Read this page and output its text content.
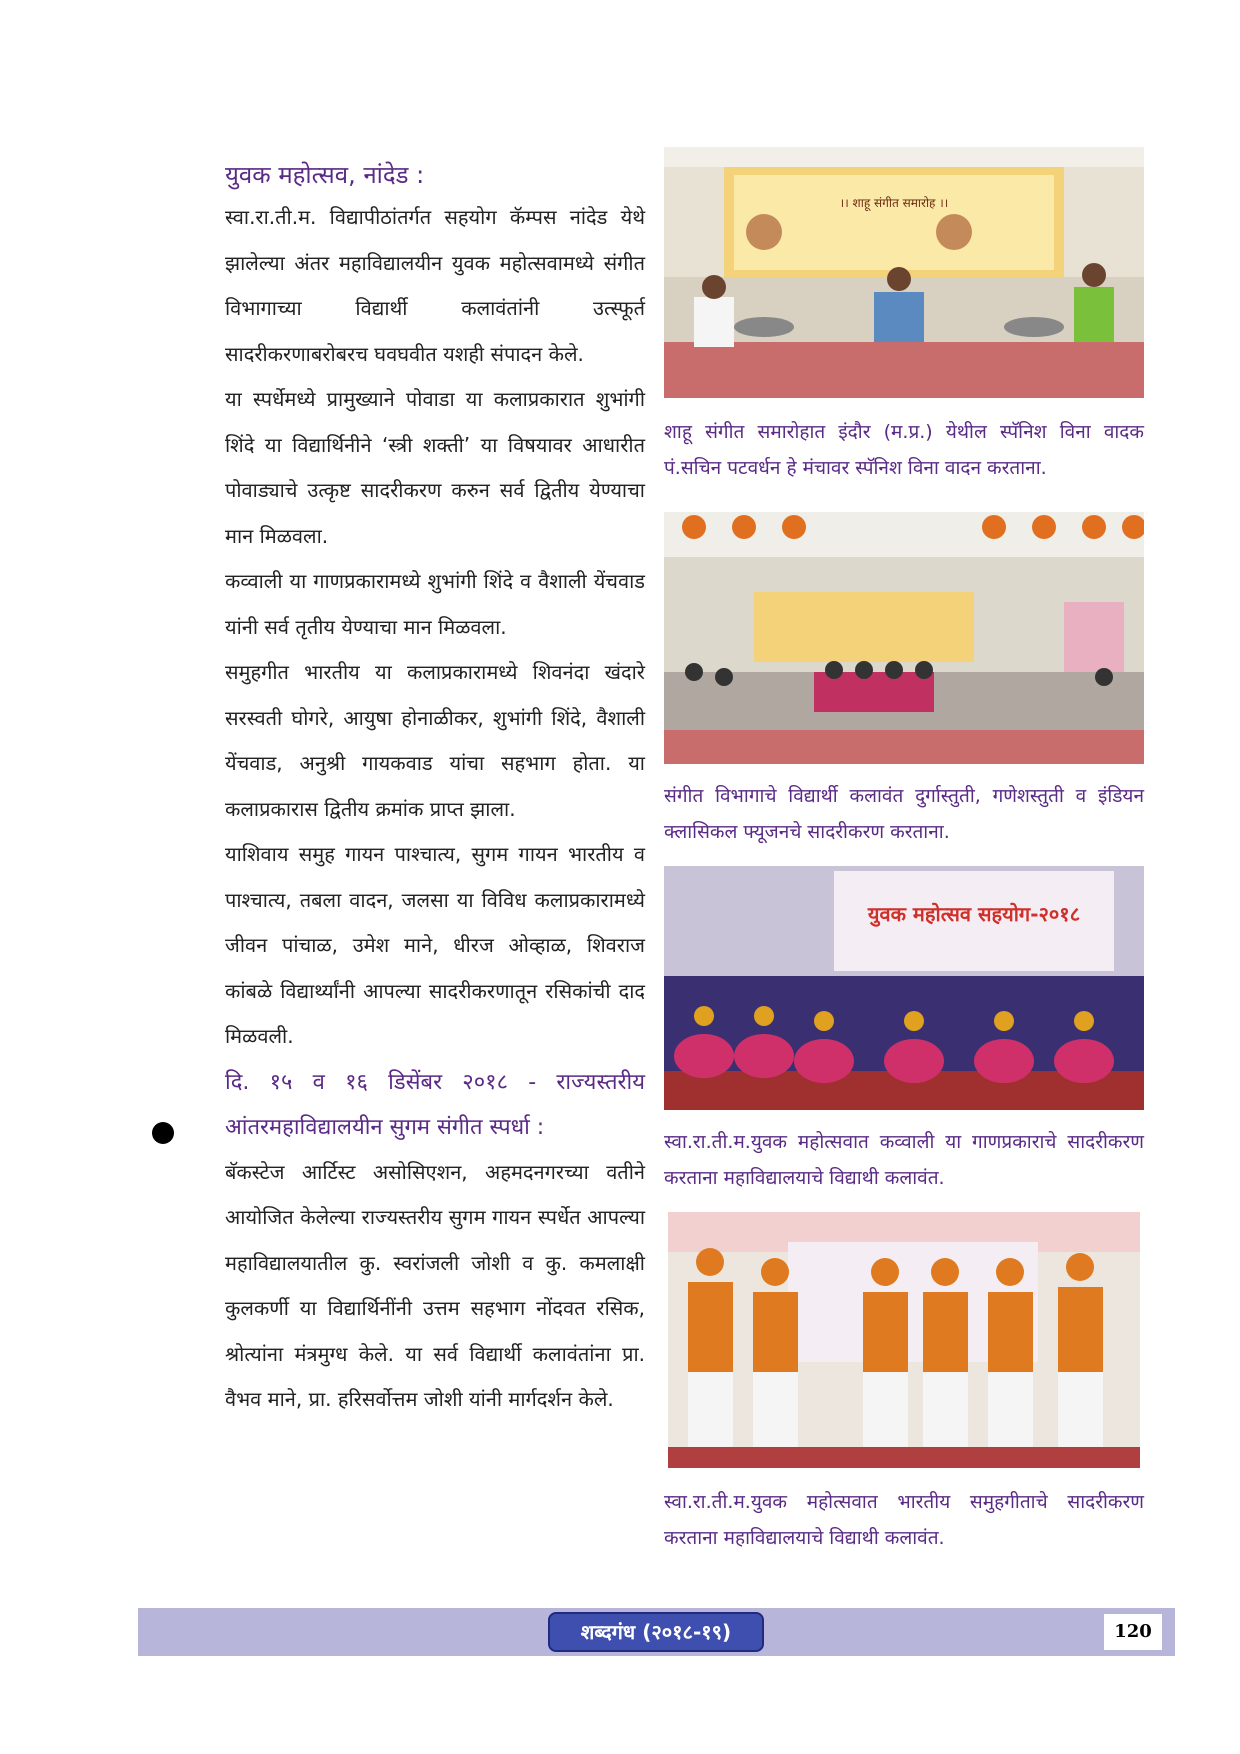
युवक महोत्सव, नांदेड :

स्वा.रा.ती.म. विद्यापीठांतर्गत सहयोग कॅम्पस नांदेड येथे झालेल्या अंतर महाविद्यालयीन युवक महोत्सवामध्ये संगीत विभागाच्या विद्यार्थी कलावंतांनी उत्स्फूर्त सादरीकरणाबरोबरच घवघवीत यशही संपादन केले.

या स्पर्धेमध्ये प्रामुख्याने पोवाडा या कलाप्रकारात शुभांगी शिंदे या विद्यार्थिनीने ‘स्त्री शक्ती’ या विषयावर आधारीत पोवाड्याचे उत्कृष्ट सादरीकरण करुन सर्व द्वितीय येण्याचा मान मिळवला.

कव्वाली या गाणप्रकारामध्ये शुभांगी शिंदे व वैशाली येंचवाड यांनी सर्व तृतीय येण्याचा मान मिळवला.

समुहगीत भारतीय या कलाप्रकारामध्ये शिवनंदा खंदारे सरस्वती घोगरे, आयुषा होनाळीकर, शुभांगी शिंदे, वैशाली येंचवाड, अनुश्री गायकवाड यांचा सहभाग होता. या कलाप्रकारास द्वितीय क्रमांक प्राप्त झाला.

याशिवाय समुह गायन पाश्चात्य, सुगम गायन भारतीय व पाश्चात्य, तबला वादन, जलसा या विविध कलाप्रकारामध्ये जीवन पांचाळ, उमेश माने, धीरज ओव्हाळ, शिवराज कांबळे विद्यार्थ्यांनी आपल्या सादरीकरणातून रसिकांची दाद मिळवली.

दि. १५ व १६ डिसेंबर २०१८ - राज्यस्तरीय आंतरमहाविद्यालयीन सुगम संगीत स्पर्धा :

बॅकस्टेज आर्टिस्ट असोसिएशन, अहमदनगरच्या वतीने आयोजित केलेल्या राज्यस्तरीय सुगम गायन स्पर्धेत आपल्या महाविद्यालयातील कु. स्वरांजली जोशी व कु. कमलाक्षी कुलकर्णी या विद्यार्थिनींनी उत्तम सहभाग नोंदवत रसिक, श्रोत्यांना मंत्रमुग्ध केले. या सर्व विद्यार्थी कलावंतांना प्रा. वैभव माने, प्रा. हरिसर्वोत्तम जोशी यांनी मार्गदर्शन केले.

।। शाहू संगीत समारोह ।।
शाहू संगीत समारोहात इंदौर (म.प्र.) येथील स्पॅनिश विना वादक पं.सचिन पटवर्धन हे मंचावर स्पॅनिश विना वादन करताना.
संगीत विभागाचे विद्यार्थी कलावंत दुर्गास्तुती, गणेशस्तुती व इंडियन क्लासिकल फ्यूजनचे सादरीकरण करताना.
युवक महोत्सव सहयोग-२०१८
स्वा.रा.ती.म.युवक महोत्सवात कव्वाली या गाणप्रकाराचे सादरीकरण करताना महाविद्यालयाचे विद्याथी कलावंत.
स्वा.रा.ती.म.युवक महोत्सवात भारतीय समुहगीताचे सादरीकरण करताना महाविद्यालयाचे विद्याथी कलावंत.
शब्दगंध (२०१८-१९)	120
